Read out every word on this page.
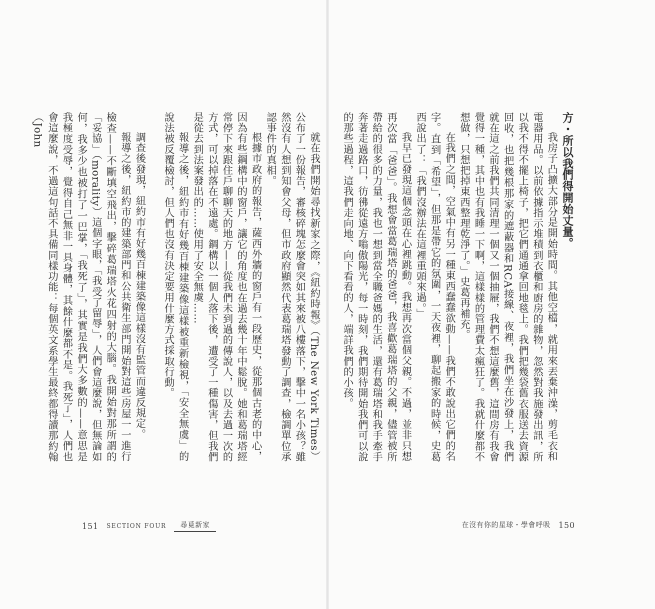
就在我們開始尋找新家之際，《紐約時報》（The New York Times）公布了一份報告，審核碎塊怎麼會突如其來被八樓落下，擊中一名小孩？雖然沒有人想到知會父母，但市政府顯然代表葛瑞塔發動了調查，檢調單位承認事件的真相。

根據市政府的報告，薩西外牆的窗戶有一段歷史，從那個古老的中心，因為有些鋼構中的窗戶，讓它的角度也在過去幾十年中鬆脫。她和葛瑞塔經常停下來跟住戶聊聊天的地方——從我們未到過的傳說人，以及去過一次的方式，可以掉落在不遠處。鋼構以一個人落下後，遭受了一種傷害，但我們是從去到法案發出的……使用了安全無虞……

報導之後，紐約市有好幾百棟建築像這樣被重新檢視，「安全無虞」的說法被反覆檢討，但人們也沒有決定要用什麼方式採取行動。

調查後發現，紐約市有好幾百棟建築像這樣沒有監管而違反規定。

報導之後，紐約市的建築部門和公共衛生部門開始對這些房屋一一進行檢查——不斷填空飛出，擊碎葛瑞塔火花四射的大腦。我開始對那所謂的「妥協」（morality）這個字眼，「我受了留辱」，人們會這麼說，但無論如何，我多少也被打了一巴掌，「我死了」，其實是我們大多數的——意思是我極度受辱，覺得自己無非一具身體，其餘什麼都不是。我死了」，人們也會這麼說，不過這句話不具備同樣功能：每個英文系學生最終都得讀那約翰（John	方・所以我們得開始丈量。

我房子凸擴大部分是開始時間。其他空檔，就用來丟棄沖澡，剪毛衣和電器用品。以前依據指示堆積到衣櫃和廚房的雜物，忽然對我施發出訊，所以我不得不擺上椅子，把它們通通拿回地毯上。我們把幾袋舊衣服送去資源回收，也把幾根那家的遮蔽器和RCA接線、夜裡，我們坐在沙發上，我們就在這之前我們共同清理一個又一個抽屜，我們不想這麼舊，這間房有我會覺得一種，其中也有我睡一下啊，這樣樣的管理費太瘋狂了。我就什麼都不想做，只想把掉東西整理乾淨了。」史葛再補充。

在我們之間，空氣中有另一種東西蠢蠢欲動——我們不敢說出它們的名字。直到「希望」，但那是帶它的氛圍，一天夜裡，聊起搬家的時候，史葛西說出了：「我們沒辦法在這裡重頭來過。」

我早已發現這個念頭在心裡跳動。我想再次當個父親。不過，並非只想再次當「爸爸」。我想會當葛瑞塔的爸爸，我喜歡葛瑞塔的父親，儘管被所帶給的很多的力量，我也一想到當全職爸媽的生活，還有葛瑞塔和我手牽手奔著走過路口，彷彿從遠方嗡傲陽光，每一時刻，我們期待開始我們可以說的那些過程，這我們走向地、向下看看的人，端詳我們的小孩。

151 SECTION FOUR	尋覓新家	在沒有你的星球・學會呼吸 150
